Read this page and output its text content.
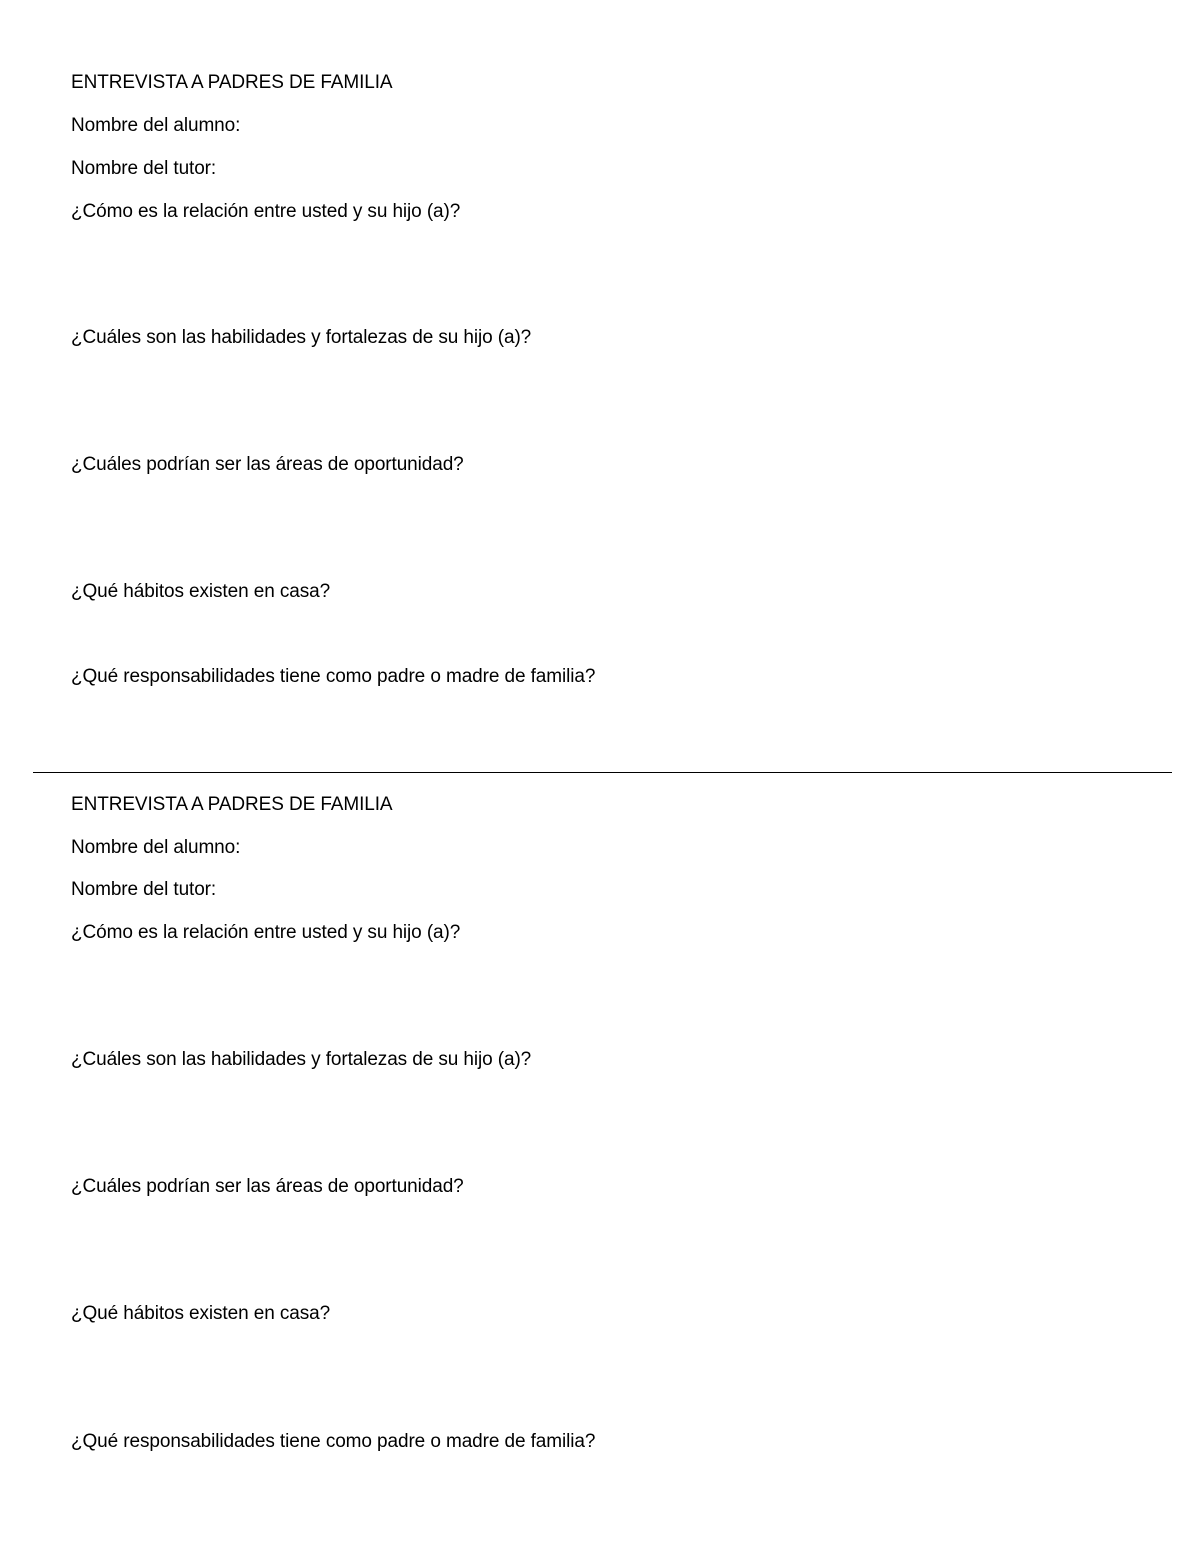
ENTREVISTA A PADRES DE FAMILIA
Nombre del alumno:
Nombre del tutor:
¿Cómo es la relación entre usted y su hijo (a)?
¿Cuáles son las habilidades y fortalezas de su hijo (a)?
¿Cuáles podrían ser las áreas de oportunidad?
¿Qué hábitos existen en casa?
¿Qué responsabilidades tiene como padre o madre de familia?
ENTREVISTA A PADRES DE FAMILIA
Nombre del alumno:
Nombre del tutor:
¿Cómo es la relación entre usted y su hijo (a)?
¿Cuáles son las habilidades y fortalezas de su hijo (a)?
¿Cuáles podrían ser las áreas de oportunidad?
¿Qué hábitos existen en casa?
¿Qué responsabilidades tiene como padre o madre de familia?
